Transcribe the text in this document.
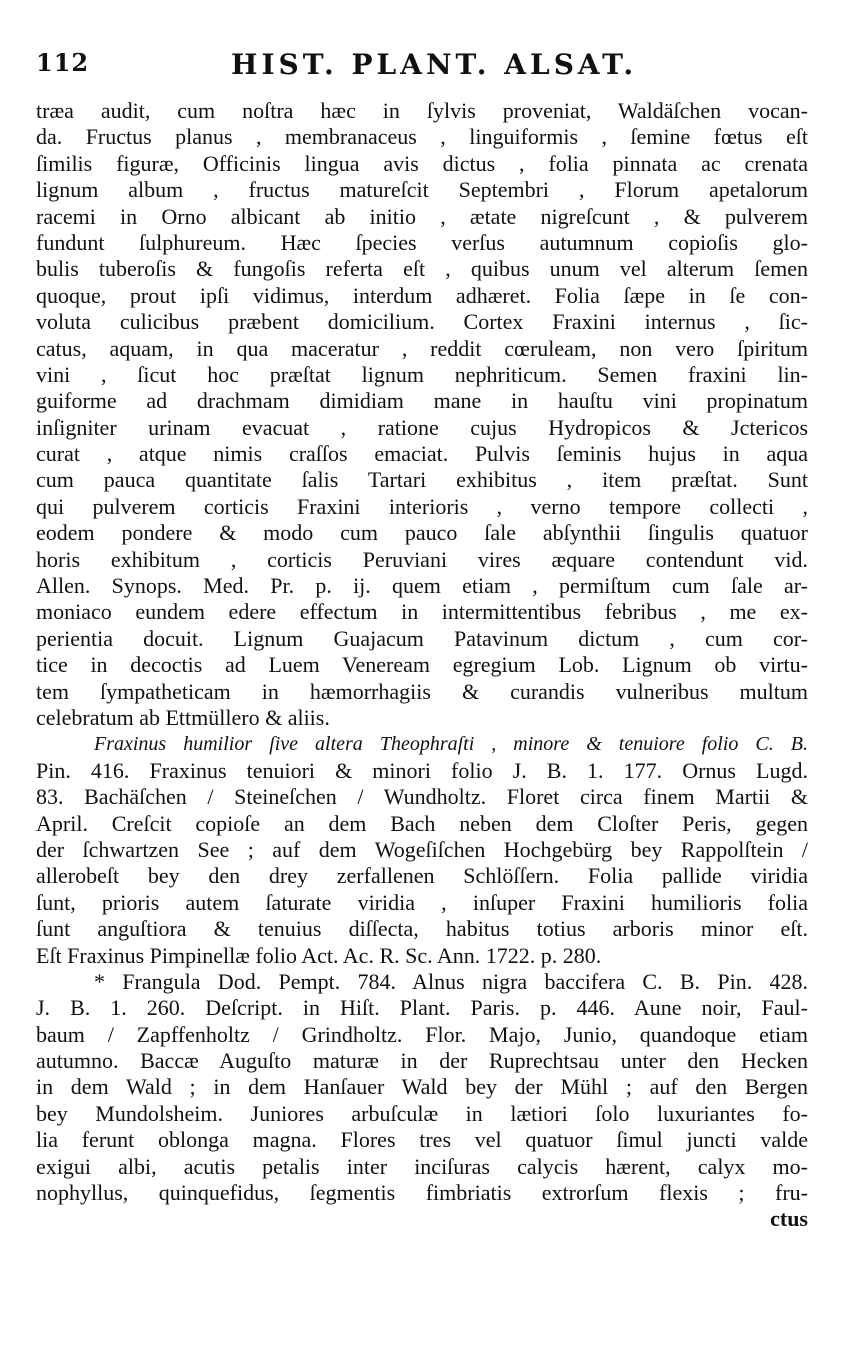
112	HIST. PLANT. ALSAT.
træa audit, cum noſtra hæc in ſylvis proveniat, Waldäſchen vocan-
da. Fructus planus , membranaceus , linguiformis , ſemine fœtus eſt
ſimilis figuræ, Officinis lingua avis dictus , folia pinnata ac crenata
lignum album , fructus matureſcit Septembri , Florum apetalorum
racemi in Orno albicant ab initio , ætate nigreſcunt , & pulverem
fundunt ſulphureum. Hæc ſpecies verſus autumnum copioſis glo-
bulis tuberoſis & fungoſis referta eſt , quibus unum vel alterum ſemen
quoque, prout ipſi vidimus, interdum adhæret. Folia ſæpe in ſe con-
voluta culicibus præbent domicilium. Cortex Fraxini internus , ſic-
catus, aquam, in qua maceratur , reddit cœruleam, non vero ſpiritum
vini , ſicut hoc præſtat lignum nephriticum. Semen fraxini lin-
guiforme ad drachmam dimidiam mane in hauſtu vini propinatum
inſigniter urinam evacuat , ratione cujus Hydropicos & Jctericos
curat , atque nimis craſſos emaciat. Pulvis ſeminis hujus in aqua
cum pauca quantitate ſalis Tartari exhibitus , item præſtat. Sunt
qui pulverem corticis Fraxini interioris , verno tempore collecti ,
eodem pondere & modo cum pauco ſale abſynthii ſingulis quatuor
horis exhibitum , corticis Peruviani vires æquare contendunt vid.
Allen. Synops. Med. Pr. p. ij. quem etiam , permiſtum cum ſale ar-
moniaco eundem edere effectum in intermittentibus febribus , me ex-
perientia docuit. Lignum Guajacum Patavinum dictum , cum cor-
tice in decoctis ad Luem Veneream egregium Lob. Lignum ob virtu-
tem ſympatheticam in hæmorrhagiis & curandis vulneribus multum
celebratum ab Ettmüllero & aliis.
Fraxinus humilior ſive altera Theophraſti , minore & tenuiore folio C. B.
Pin. 416. Fraxinus tenuiori & minori folio J. B. 1. 177. Ornus Lugd.
83. Bachäſchen / Steineſchen / Wundholtz. Floret circa finem Martii &
April. Creſcit copioſe an dem Bach neben dem Cloſter Peris, gegen
der ſchwartzen See ; auf dem Wogeſiſchen Hochgebürg bey Rappolſtein /
allerobeſt bey den drey zerfallenen Schlöſſern. Folia pallide viridia
ſunt, prioris autem ſaturate viridia , inſuper Fraxini humilioris folia
ſunt anguſtiora & tenuius diſſecta, habitus totius arboris minor eſt.
Eſt Fraxinus Pimpinellæ folio Act. Ac. R. Sc. Ann. 1722. p. 280.
* Frangula Dod. Pempt. 784. Alnus nigra baccifera C. B. Pin. 428.
J. B. 1. 260. Deſcript. in Hiſt. Plant. Paris. p. 446. Aune noir, Faul-
baum / Zapffenholtz / Grindholtz. Flor. Majo, Junio, quandoque etiam
autumno. Baccæ Auguſto maturæ in der Ruprechtsau unter den Hecken
in dem Wald ; in dem Hanſauer Wald bey der Mühl ; auf den Bergen
bey Mundolsheim. Juniores arbuſculæ in lætiori ſolo luxuriantes fo-
lia ferunt oblonga magna. Flores tres vel quatuor ſimul juncti valde
exigui albi, acutis petalis inter inciſuras calycis hærent, calyx mo-
nophyllus, quinquefidus, ſegmentis fimbriatis extrorſum flexis ; fru-
ctus
